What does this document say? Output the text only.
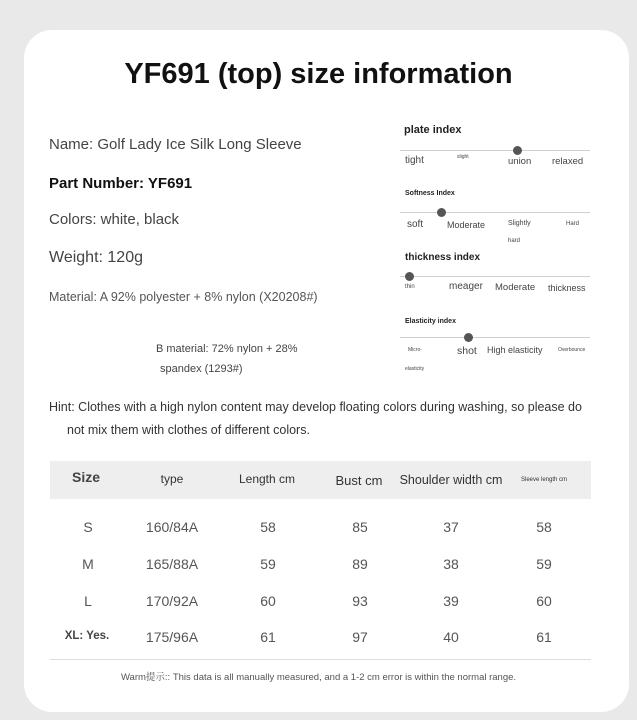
YF691 (top) size information
Name: Golf Lady Ice Silk Long Sleeve
Part Number: YF691
Colors: white, black
Weight: 120g
Material: A 92% polyester + 8% nylon (X20208#)
B material: 72% nylon + 28%
spandex (1293#)
plate index
tight	slight	union relaxed
Softness Index
soft	Moderate	Slightly
hard
Hard
thickness index
thin	meager Moderate thickness
Elasticity index
Micro-
elasticity
shot High elasticity	Overbounce
Hint: Clothes with a high nylon content may develop floating colors during washing, so please do
not mix them with clothes of different colors.
Size	type	Length cm	Bust cm	Shoulder width cm	Sleeve length cm
S	160/84A	58	85	37	58
M	165/88A	59	89	38	59
L	170/92A	60	93	39	60
XL: Yes.	175/96A	61	97	40	61
Warm提示:: This data is all manually measured, and a 1-2 cm error is within the normal range.
